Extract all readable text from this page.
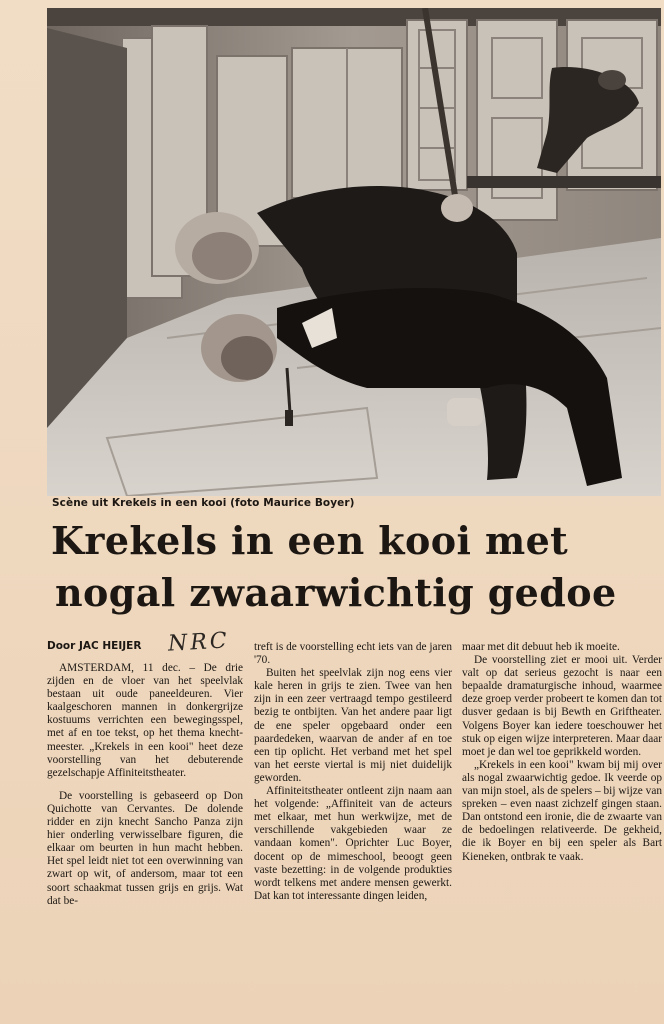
Scène uit Krekels in een kooi (foto Maurice Boyer)
Krekels in een kooi met
nogal zwaarwichtig gedoe
Door JAC HEIJER NRC

AMSTERDAM, 11 dec. – De drie zijden en de vloer van het speelvlak bestaan uit oude paneeldeuren. Vier kaalgeschoren mannen in donkergrijze kostuums verrichten een bewegingsspel, met af en toe tekst, op het thema knecht-meester. „Krekels in een kooi" heet deze voorstelling van het debuterende gezelschapje Affiniteitstheater.

De voorstelling is gebaseerd op Don Quichotte van Cervantes. De dolende ridder en zijn knecht Sancho Panza zijn hier onderling verwisselbare figuren, die elkaar om beurten in hun macht hebben. Het spel leidt niet tot een overwinning van zwart op wit, of andersom, maar tot een soort schaakmat tussen grijs en grijs. Wat dat be-

treft is de voorstelling echt iets van de jaren '70.

Buiten het speelvlak zijn nog eens vier kale heren in grijs te zien. Twee van hen zijn in een zeer vertraagd tempo gestileerd bezig te ontbijten. Van het andere paar ligt de ene speler opgebaard onder een paardedeken, waarvan de ander af en toe een tip oplicht. Het verband met het spel van het eerste viertal is mij niet duidelijk geworden.

Affiniteitstheater ontleent zijn naam aan het volgende: „Affiniteit van de acteurs met elkaar, met hun werkwijze, met de verschillende vakgebieden waar ze vandaan komen". Oprichter Luc Boyer, docent op de mimeschool, beoogt geen vaste bezetting: in de volgende produkties wordt telkens met andere mensen gewerkt. Dat kan tot interessante dingen leiden,

maar met dit debuut heb ik moeite.

De voorstelling ziet er mooi uit. Verder valt op dat serieus gezocht is naar een bepaalde dramaturgische inhoud, waarmee deze groep verder probeert te komen dan tot dusver gedaan is bij Bewth en Griftheater. Volgens Boyer kan iedere toeschouwer het stuk op eigen wijze interpreteren. Maar daar moet je dan wel toe geprikkeld worden.

„Krekels in een kooi" kwam bij mij over als nogal zwaarwichtig gedoe. Ik veerde op van mijn stoel, als de spelers – bij wijze van spreken – even naast zichzelf gingen staan. Dan ontstond een ironie, die de zwaarte van de bedoelingen relativeerde. De gekheid, die ik Boyer en bij een speler als Bart Kieneken, ontbrak te vaak.
